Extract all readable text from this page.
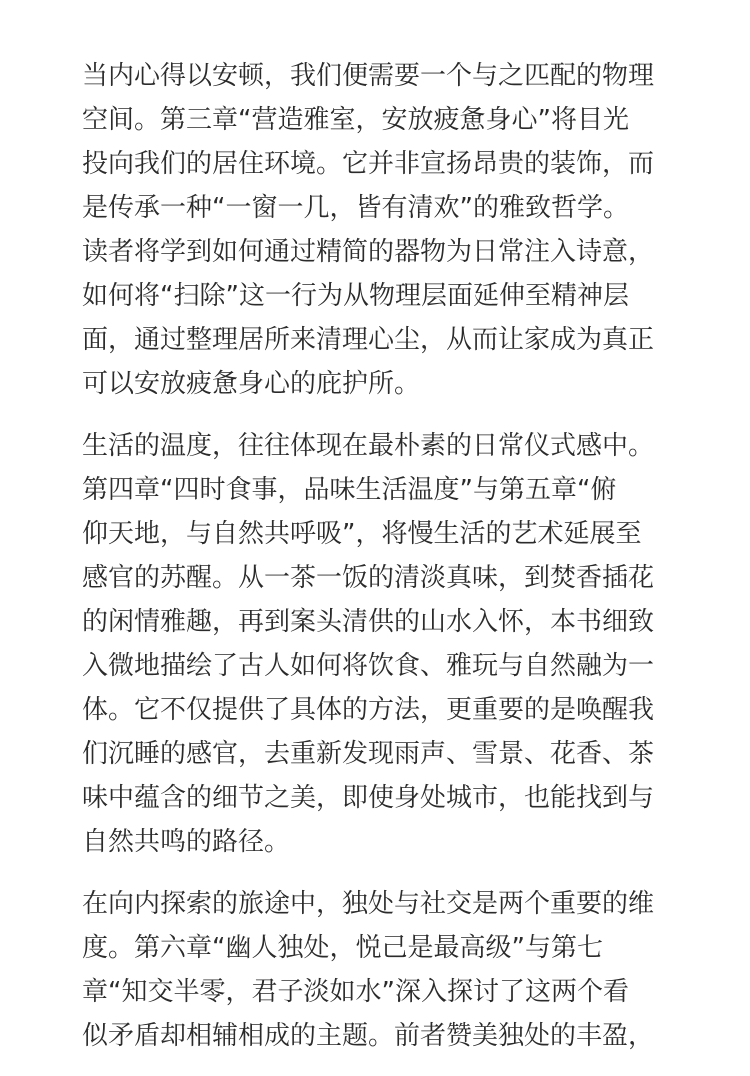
当内心得以安顿，我们便需要一个与之匹配的物理
空间。第三章“营造雅室，安放疲惫身心”将目光
投向我们的居住环境。它并非宣扬昂贵的装饰，而
是传承一种“一窗一几，皆有清欢”的雅致哲学。
读者将学到如何通过精简的器物为日常注入诗意，
如何将“扫除”这一行为从物理层面延伸至精神层
面，通过整理居所来清理心尘，从而让家成为真正
可以安放疲惫身心的庇护所。

生活的温度，往往体现在最朴素的日常仪式感中。
第四章“四时食事，品味生活温度”与第五章“俯
仰天地，与自然共呼吸”，将慢生活的艺术延展至
感官的苏醒。从一茶一饭的清淡真味，到焚香插花
的闲情雅趣，再到案头清供的山水入怀，本书细致
入微地描绘了古人如何将饮食、雅玩与自然融为一
体。它不仅提供了具体的方法，更重要的是唤醒我
们沉睡的感官，去重新发现雨声、雪景、花香、茶
味中蕴含的细节之美，即使身处城市，也能找到与
自然共鸣的路径。

在向内探索的旅途中，独处与社交是两个重要的维
度。第六章“幽人独处，悦己是最高级”与第七
章“知交半零，君子淡如水”深入探讨了这两个看
似矛盾却相辅相成的主题。前者赞美独处的丰盈，
